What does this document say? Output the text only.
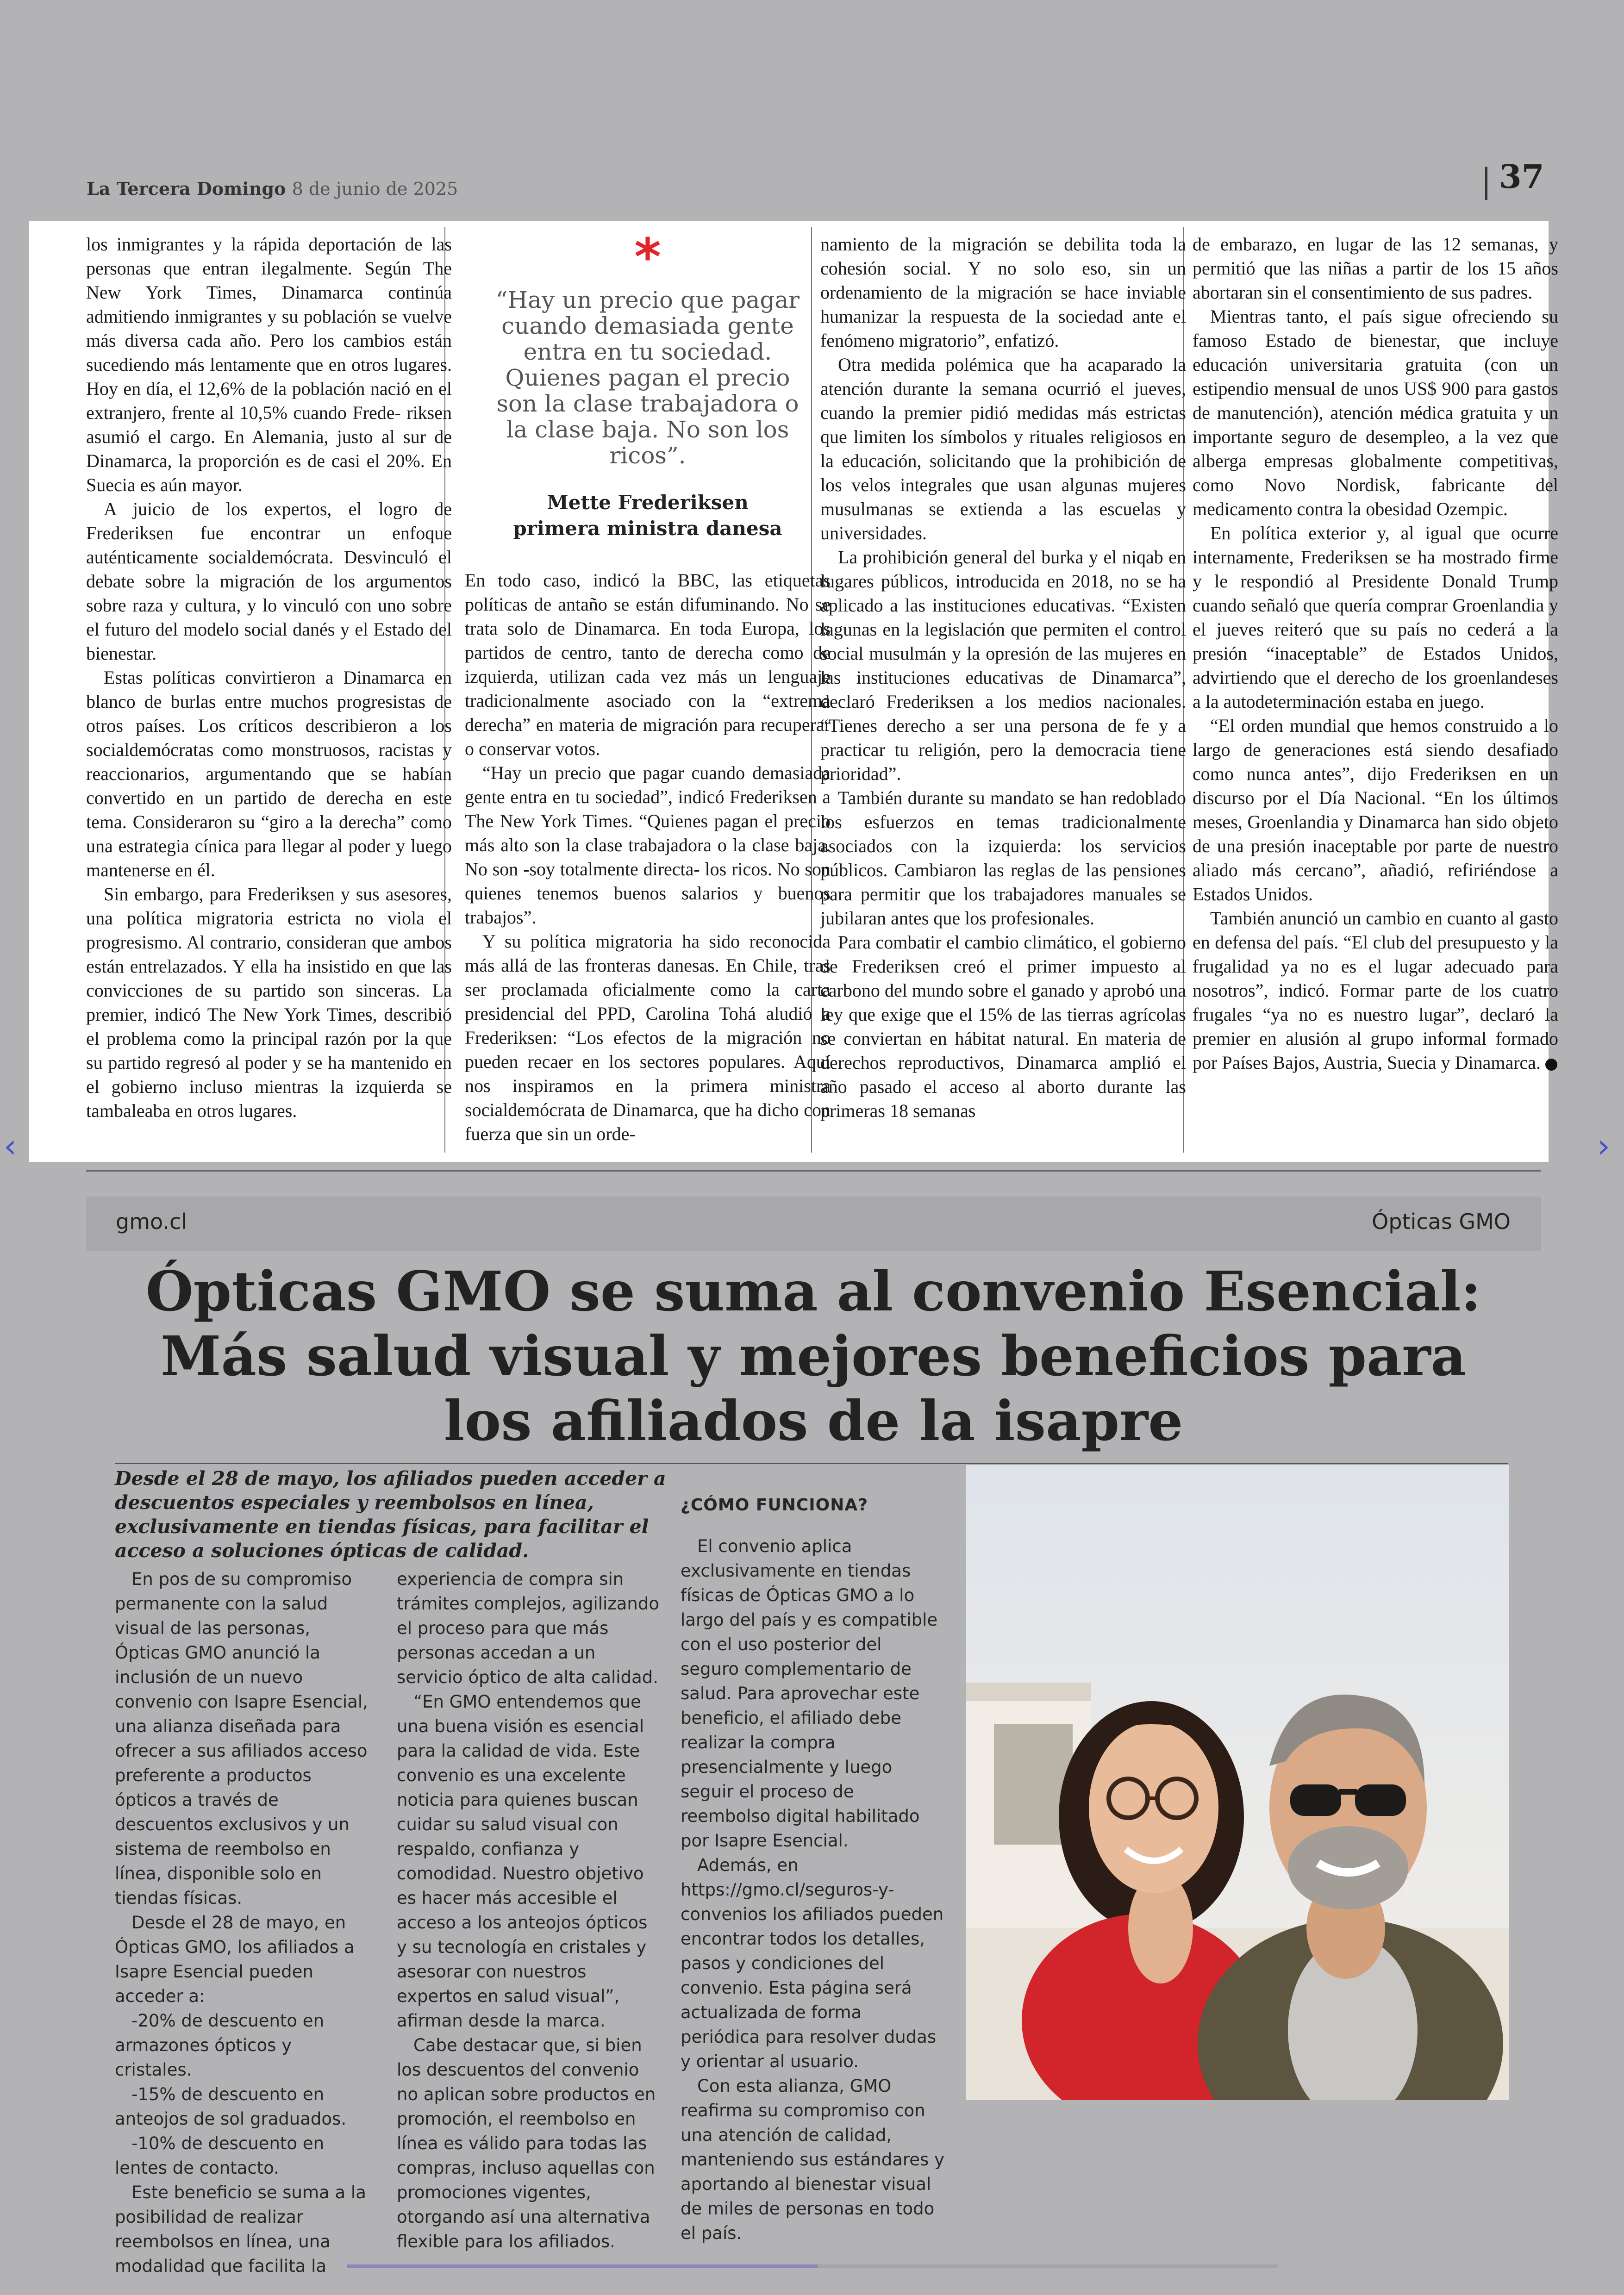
La Tercera Domingo 8 de junio de 2025	37

los inmigrantes y la rápida deportación de las personas que entran ilegalmente. Según The New York Times, Dinamarca continúa admitiendo inmigrantes y su población se vuelve más diversa cada año. Pero los cambios están sucediendo más lentamente que en otros lugares. Hoy en día, el 12,6% de la población nació en el extranjero, frente al 10,5% cuando Frede- riksen asumió el cargo. En Alemania, justo al sur de Dinamarca, la proporción es de casi el 20%. En Suecia es aún mayor.

A juicio de los expertos, el logro de Frederiksen fue encontrar un enfoque auténticamente socialdemócrata. Desvinculó el debate sobre la migración de los argumentos sobre raza y cultura, y lo vinculó con uno sobre el futuro del modelo social danés y el Estado del bienestar.

Estas políticas convirtieron a Dinamarca en blanco de burlas entre muchos progresistas de otros países. Los críticos describieron a los socialdemócratas como monstruosos, racistas y reaccionarios, argumentando que se habían convertido en un partido de derecha en este tema. Consideraron su “giro a la derecha” como una estrategia cínica para llegar al poder y luego mantenerse en él.

Sin embargo, para Frederiksen y sus asesores, una política migratoria estricta no viola el progresismo. Al contrario, consideran que ambos están entrelazados. Y ella ha insistido en que las convicciones de su partido son sinceras. La premier, indicó The New York Times, describió el problema como la principal razón por la que su partido regresó al poder y se ha mantenido en el gobierno incluso mientras la izquierda se tambaleaba en otros lugares.

*
“Hay un precio que pagar cuando demasiada gente entra en tu sociedad. Quienes pagan el precio son la clase trabajadora o la clase baja. No son los ricos”.
Mette Frederiksen
primera ministra danesa

En todo caso, indicó la BBC, las etiquetas políticas de antaño se están difuminando. No se trata solo de Dinamarca. En toda Europa, los partidos de centro, tanto de derecha como de izquierda, utilizan cada vez más un lenguaje tradicionalmente asociado con la “extrema derecha” en materia de migración para recuperar o conservar votos.

“Hay un precio que pagar cuando demasiada gente entra en tu sociedad”, indicó Frederiksen a The New York Times. “Quienes pagan el precio más alto son la clase trabajadora o la clase baja. No son -soy totalmente directa- los ricos. No son quienes tenemos buenos salarios y buenos trabajos”.

Y su política migratoria ha sido reconocida más allá de las fronteras danesas. En Chile, tras ser proclamada oficialmente como la carta presidencial del PPD, Carolina Tohá aludió a Frederiksen: “Los efectos de la migración no pueden recaer en los sectores populares. Aquí nos inspiramos en la primera ministra socialdemócrata de Dinamarca, que ha dicho con fuerza que sin un orde-

namiento de la migración se debilita toda la cohesión social. Y no solo eso, sin un ordenamiento de la migración se hace inviable humanizar la respuesta de la sociedad ante el fenómeno migratorio”, enfatizó.

Otra medida polémica que ha acaparado la atención durante la semana ocurrió el jueves, cuando la premier pidió medidas más estrictas que limiten los símbolos y rituales religiosos en la educación, solicitando que la prohibición de los velos integrales que usan algunas mujeres musulmanas se extienda a las escuelas y universidades.

La prohibición general del burka y el niqab en lugares públicos, introducida en 2018, no se ha aplicado a las instituciones educativas. “Existen lagunas en la legislación que permiten el control social musulmán y la opresión de las mujeres en las instituciones educativas de Dinamarca”, declaró Frederiksen a los medios nacionales. “Tienes derecho a ser una persona de fe y a practicar tu religión, pero la democracia tiene prioridad”.

También durante su mandato se han redoblado los esfuerzos en temas tradicionalmente asociados con la izquierda: los servicios públicos. Cambiaron las reglas de las pensiones para permitir que los trabajadores manuales se jubilaran antes que los profesionales.

Para combatir el cambio climático, el gobierno de Frederiksen creó el primer impuesto al carbono del mundo sobre el ganado y aprobó una ley que exige que el 15% de las tierras agrícolas se conviertan en hábitat natural. En materia de derechos reproductivos, Dinamarca amplió el año pasado el acceso al aborto durante las primeras 18 semanas

de embarazo, en lugar de las 12 semanas, y permitió que las niñas a partir de los 15 años abortaran sin el consentimiento de sus padres.

Mientras tanto, el país sigue ofreciendo su famoso Estado de bienestar, que incluye educación universitaria gratuita (con un estipendio mensual de unos US$ 900 para gastos de manutención), atención médica gratuita y un importante seguro de desempleo, a la vez que alberga empresas globalmente competitivas, como Novo Nordisk, fabricante del medicamento contra la obesidad Ozempic.

En política exterior y, al igual que ocurre internamente, Frederiksen se ha mostrado firme y le respondió al Presidente Donald Trump cuando señaló que quería comprar Groenlandia y el jueves reiteró que su país no cederá a la presión “inaceptable” de Estados Unidos, advirtiendo que el derecho de los groenlandeses a la autodeterminación estaba en juego.

“El orden mundial que hemos construido a lo largo de generaciones está siendo desafiado como nunca antes”, dijo Frederiksen en un discurso por el Día Nacional. “En los últimos meses, Groenlandia y Dinamarca han sido objeto de una presión inaceptable por parte de nuestro aliado más cercano”, añadió, refiriéndose a Estados Unidos.

También anunció un cambio en cuanto al gasto en defensa del país. “El club del presupuesto y la frugalidad ya no es el lugar adecuado para nosotros”, indicó. Formar parte de los cuatro frugales “ya no es nuestro lugar”, declaró la premier en alusión al grupo informal formado por Países Bajos, Austria, Suecia y Dinamarca.

gmo.cl	Ópticas GMO
Ópticas GMO se suma al convenio Esencial:
Más salud visual y mejores beneficios para
los afiliados de la isapre
Desde el 28 de mayo, los afiliados pueden acceder a descuentos especiales y reembolsos en línea, exclusivamente en tiendas físicas, para facilitar el acceso a soluciones ópticas de calidad.

En pos de su compromiso permanente con la salud visual de las personas, Ópticas GMO anunció la inclusión de un nuevo convenio con Isapre Esencial, una alianza diseñada para ofrecer a sus afiliados acceso preferente a productos ópticos a través de descuentos exclusivos y un sistema de reembolso en línea, disponible solo en tiendas físicas.

Desde el 28 de mayo, en Ópticas GMO, los afiliados a Isapre Esencial pueden acceder a:

-20% de descuento en armazones ópticos y cristales.

-15% de descuento en anteojos de sol graduados.

-10% de descuento en lentes de contacto.

Este beneficio se suma a la posibilidad de realizar reembolsos en línea, una modalidad que facilita la

experiencia de compra sin trámites complejos, agilizando el proceso para que más personas accedan a un servicio óptico de alta calidad.

“En GMO entendemos que una buena visión es esencial para la calidad de vida. Este convenio es una excelente noticia para quienes buscan cuidar su salud visual con respaldo, confianza y comodidad. Nuestro objetivo es hacer más accesible el acceso a los anteojos ópticos y su tecnología en cristales y asesorar con nuestros expertos en salud visual”, afirman desde la marca.

Cabe destacar que, si bien los descuentos del convenio no aplican sobre productos en promoción, el reembolso en línea es válido para todas las compras, incluso aquellas con promociones vigentes, otorgando así una alternativa flexible para los afiliados.

¿CÓMO FUNCIONA?

El convenio aplica exclusivamente en tiendas físicas de Ópticas GMO a lo largo del país y es compatible con el uso posterior del seguro complementario de salud. Para aprovechar este beneficio, el afiliado debe realizar la compra presencialmente y luego seguir el proceso de reembolso digital habilitado por Isapre Esencial.

Además, en https://gmo.cl/seguros-y-convenios los afiliados pueden encontrar todos los detalles, pasos y condiciones del convenio. Esta página será actualizada de forma periódica para resolver dudas y orientar al usuario.

Con esta alianza, GMO reafirma su compromiso con una atención de calidad, manteniendo sus estándares y aportando al bienestar visual de miles de personas en todo el país.

‹	›
